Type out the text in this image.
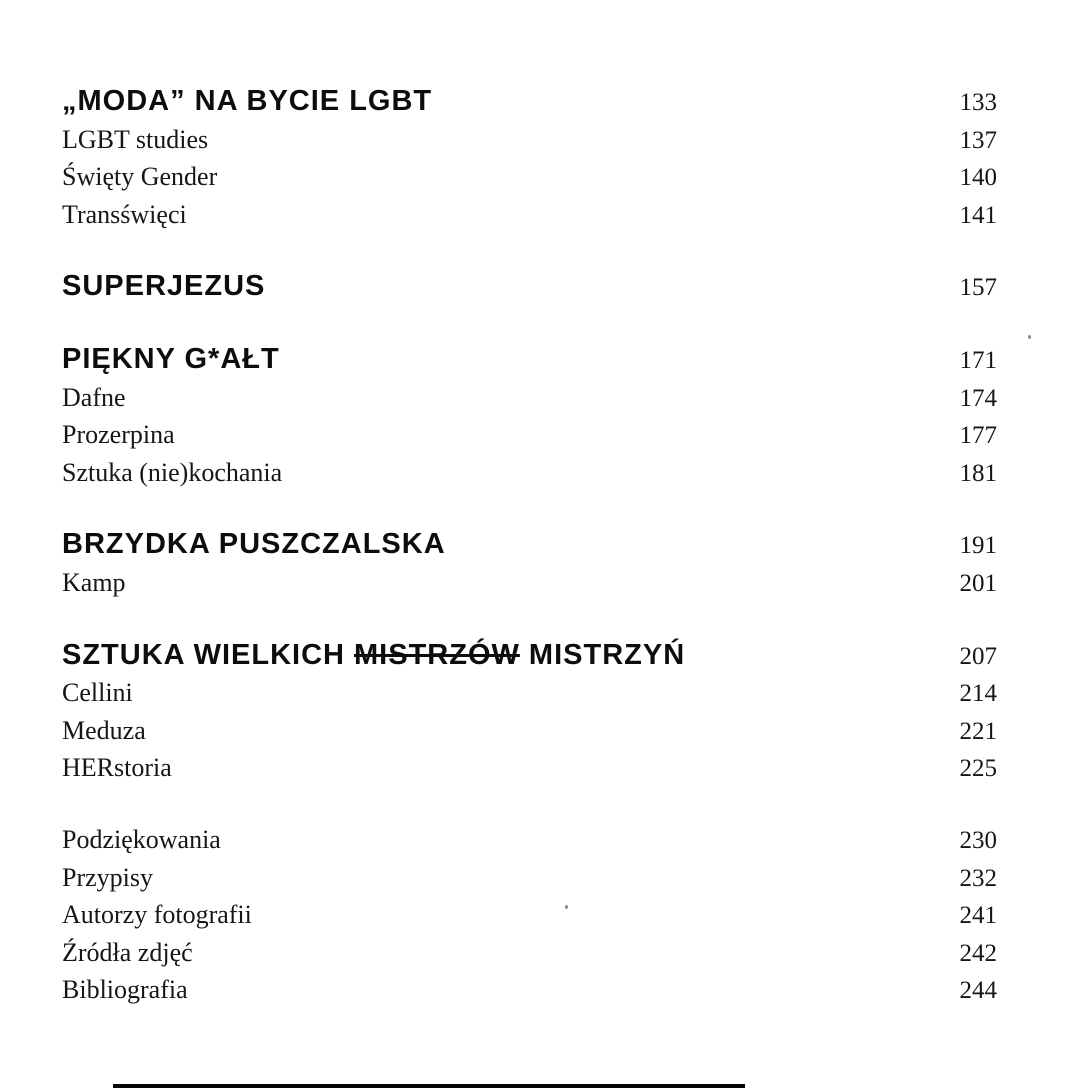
„MODA” NA BYCIE LGBT	133
LGBT studies	137
Święty Gender	140
Transświęci	141
SUPERJEZUS	157
PIĘKNY G*AŁT	171
Dafne	174
Prozerpina	177
Sztuka (nie)kochania	181
BRZYDKA PUSZCZALSKA	191
Kamp	201
SZTUKA WIELKICH MISTRZÓW MISTRZYŃ	207
Cellini	214
Meduza	221
HERstoria	225
Podziękowania	230
Przypisy	232
Autorzy fotografii	241
Źródła zdjęć	242
Bibliografia	244
